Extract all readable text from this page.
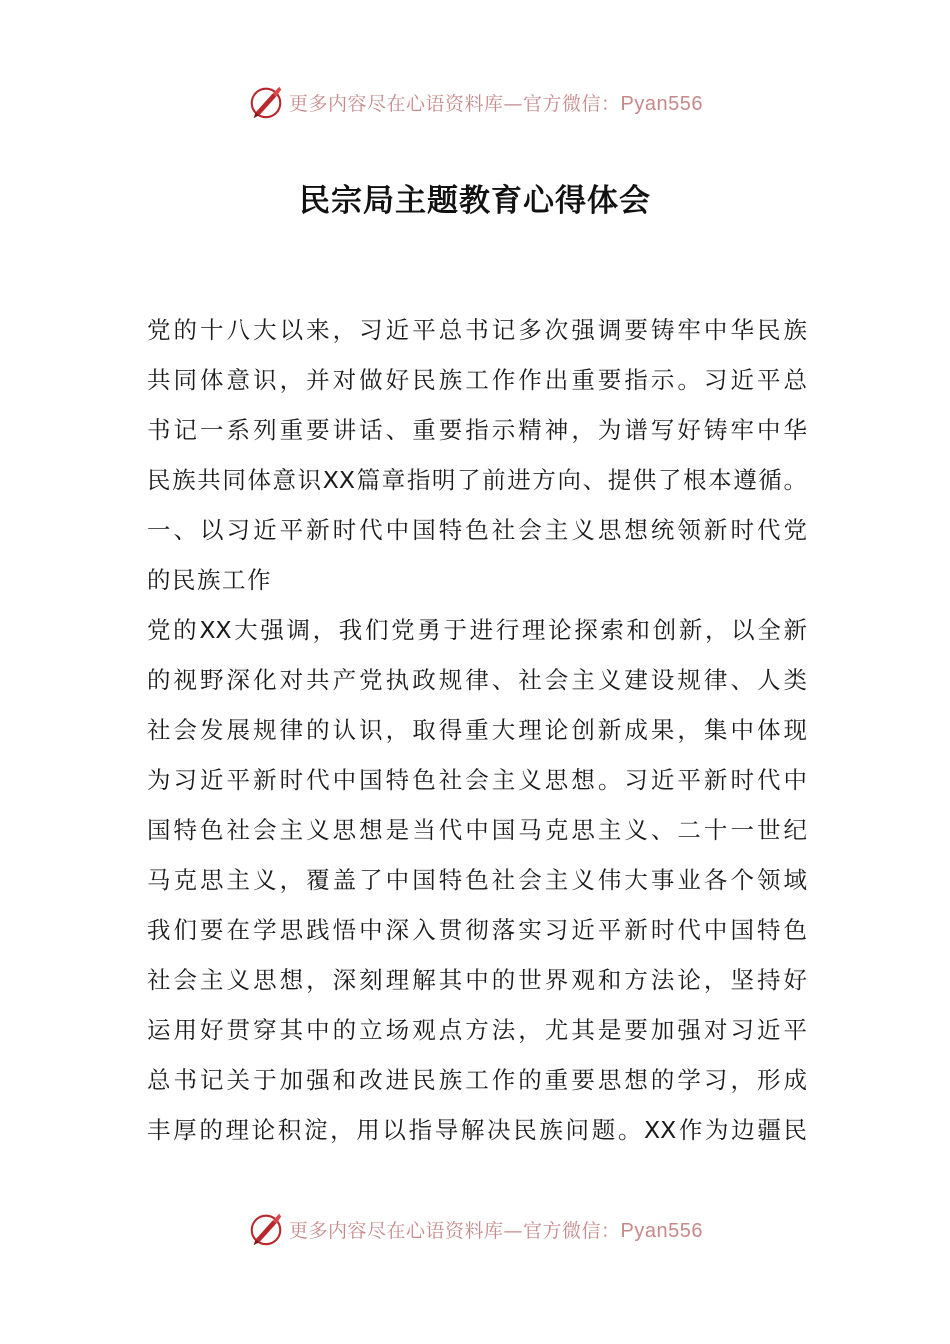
更多内容尽在心语资料库—官方微信：Pyan556
民宗局主题教育心得体会
党的十八大以来，习近平总书记多次强调要铸牢中华民族
共同体意识，并对做好民族工作作出重要指示。习近平总
书记一系列重要讲话、重要指示精神，为谱写好铸牢中华
民族共同体意识XX篇章指明了前进方向、提供了根本遵循。
一、以习近平新时代中国特色社会主义思想统领新时代党
的民族工作
党的XX大强调，我们党勇于进行理论探索和创新，以全新
的视野深化对共产党执政规律、社会主义建设规律、人类
社会发展规律的认识，取得重大理论创新成果，集中体现
为习近平新时代中国特色社会主义思想。习近平新时代中
国特色社会主义思想是当代中国马克思主义、二十一世纪
马克思主义，覆盖了中国特色社会主义伟大事业各个领域
我们要在学思践悟中深入贯彻落实习近平新时代中国特色
社会主义思想，深刻理解其中的世界观和方法论，坚持好
运用好贯穿其中的立场观点方法，尤其是要加强对习近平
总书记关于加强和改进民族工作的重要思想的学习，形成
丰厚的理论积淀，用以指导解决民族问题。XX作为边疆民
更多内容尽在心语资料库—官方微信：Pyan556
